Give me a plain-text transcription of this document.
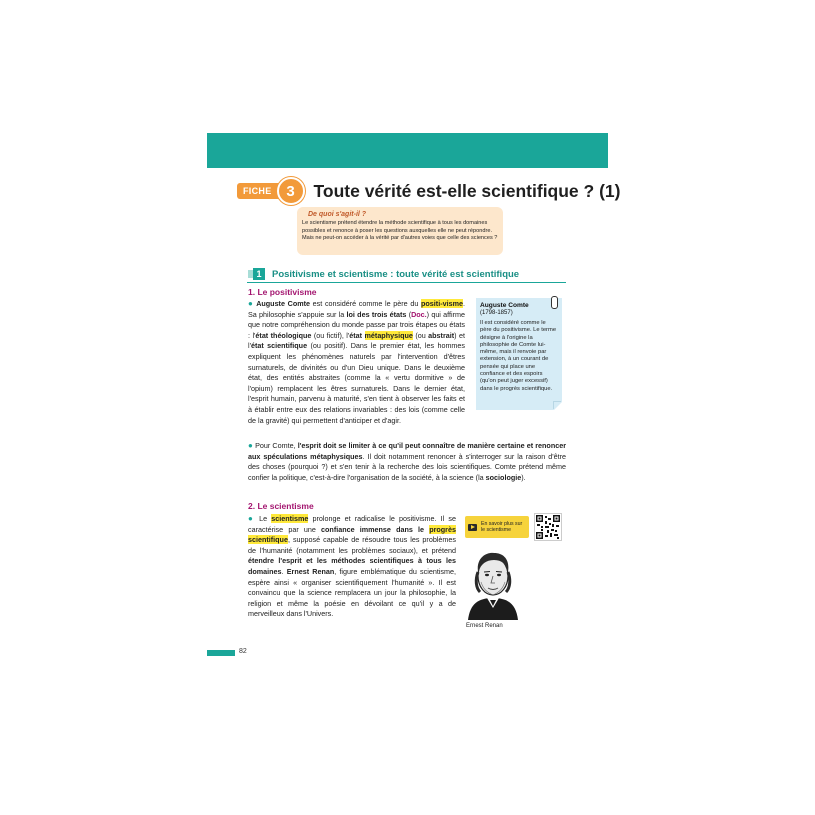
FICHE 3	Toute vérité est-elle scientifique ? (1)
De quoi s'agit-il ?
Le scientisme prétend étendre la méthode scientifique à tous les domaines possibles et renonce à poser les questions auxquelles elle ne peut répondre. Mais ne peut-on accéder à la vérité par d'autres voies que celle des sciences ?
1	Positivisme et scientisme : toute vérité est scientifique
1. Le positivisme

● Auguste Comte est considéré comme le père du positi-visme. Sa philosophie s'appuie sur la loi des trois états (Doc.) qui affirme que notre compréhension du monde passe par trois étapes ou états : l'état théologique (ou fictif), l'état métaphysique (ou abstrait) et l'état scientifique (ou positif). Dans le premier état, les hommes expliquent les phénomènes naturels par l'intervention d'êtres surnaturels, de divinités ou d'un Dieu unique. Dans le deuxième état, des entités abstraites (comme la « vertu dormitive » de l'opium) remplacent les êtres surnaturels. Dans le dernier état, l'esprit humain, parvenu à maturité, s'en tient à observer les faits et à établir entre eux des relations invariables : des lois (comme celle de la gravité) qui permettent d'anticiper et d'agir.

● Pour Comte, l'esprit doit se limiter à ce qu'il peut connaître de manière certaine et renoncer aux spéculations métaphysiques. Il doit notamment renoncer à s'interroger sur la raison d'être des choses (pourquoi ?) et s'en tenir à la recherche des lois scientifiques. Comte prétend même confier la politique, c'est-à-dire l'organisation de la société, à la science (la sociologie).

Auguste Comte
(1798-1857)
Il est considéré comme le père du positivisme. Le terme désigne à l'origine la philosophie de Comte lui-même, mais il renvoie par extension, à un courant de pensée qui place une confiance et des espoirs (qu'on peut juger excessif) dans le progrès scientifique.
2. Le scientisme

● Le scientisme prolonge et radicalise le positivisme. Il se caractérise par une confiance immense dans le progrès scientifique, supposé capable de résoudre tous les problèmes de l'humanité (notamment les problèmes sociaux), et prétend étendre l'esprit et les méthodes scientifiques à tous les domaines. Ernest Renan, figure emblématique du scientisme, espère ainsi « organiser scientifiquement l'humanité ». Il est convaincu que la science remplacera un jour la philosophie, la religion et même la poésie en dévoilant ce qu'il y a de merveilleux dans l'Univers.

En savoir plus sur
le scientisme
Ernest Renan
82
